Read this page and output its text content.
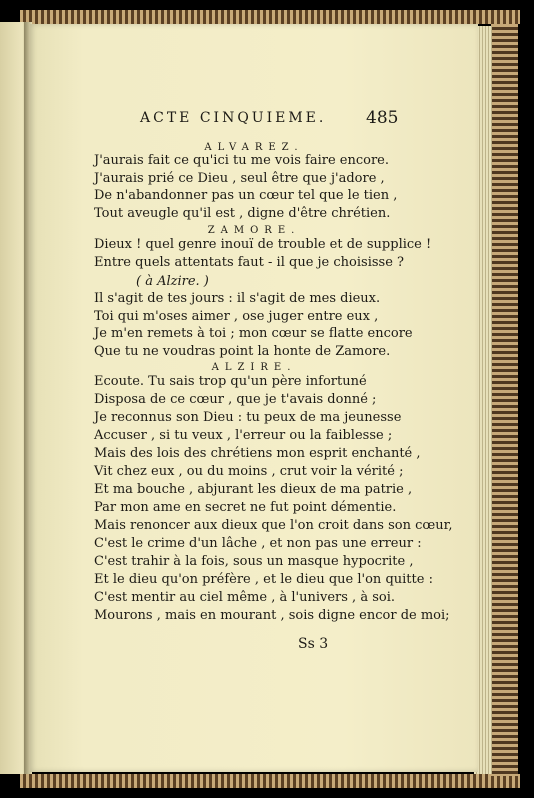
ACTE CINQUIEME.	485
ALVAREZ.
J'aurais fait ce qu'ici tu me vois faire encore.
J'aurais prié ce Dieu , seul être que j'adore ,
De n'abandonner pas un cœur tel que le tien ,
Tout aveugle qu'il est , digne d'être chrétien.
ZAMORE.
Dieux ! quel genre inouï de trouble et de supplice !
Entre quels attentats faut - il que je choisisse ?
( à Alzire. )
Il s'agit de tes jours : il s'agit de mes dieux.
Toi qui m'oses aimer , ose juger entre eux ,
Je m'en remets à toi ; mon cœur se flatte encore
Que tu ne voudras point la honte de Zamore.
ALZIRE.
Ecoute. Tu sais trop qu'un père infortuné
Disposa de ce cœur , que je t'avais donné ;
Je reconnus son Dieu : tu peux de ma jeunesse
Accuser , si tu veux , l'erreur ou la faiblesse ;
Mais des lois des chrétiens mon esprit enchanté ,
Vit chez eux , ou du moins , crut voir la vérité ;
Et ma bouche , abjurant les dieux de ma patrie ,
Par mon ame en secret ne fut point démentie.
Mais renoncer aux dieux que l'on croit dans son cœur,
C'est le crime d'un lâche , et non pas une erreur :
C'est trahir à la fois, sous un masque hypocrite ,
Et le dieu qu'on préfère , et le dieu que l'on quitte :
C'est mentir au ciel même , à l'univers , à soi.
Mourons , mais en mourant , sois digne encor de moi;
Ss 3
